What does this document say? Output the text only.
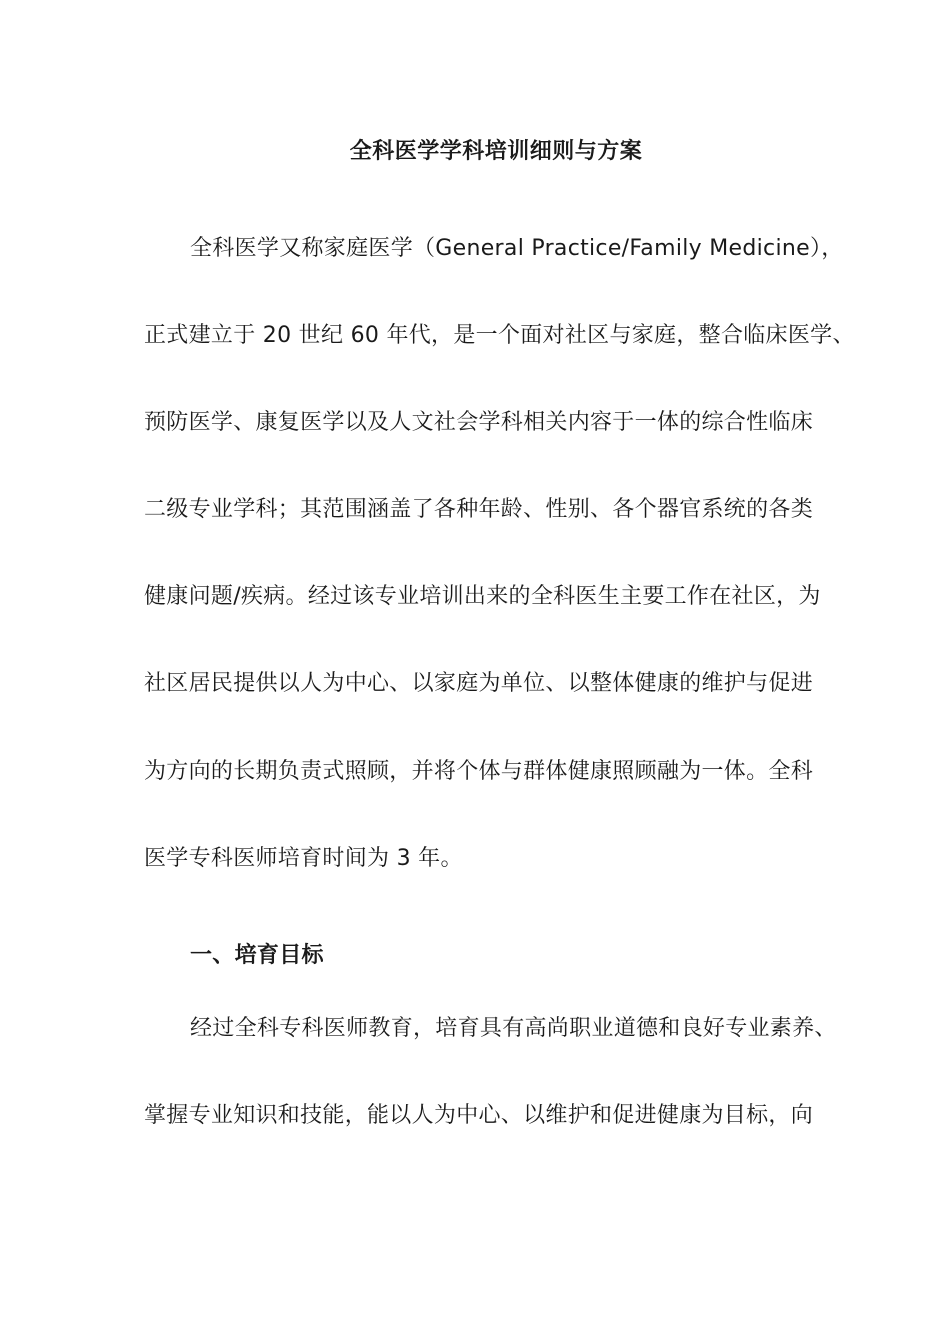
全科医学学科培训细则与方案
全科医学又称家庭医学（General Practice/Family Medicine），
正式建立于 20 世纪 60 年代，是一个面对社区与家庭，整合临床医学、
预防医学、康复医学以及人文社会学科相关内容于一体的综合性临床
二级专业学科；其范围涵盖了各种年龄、性别、各个器官系统的各类
健康问题/疾病。经过该专业培训出来的全科医生主要工作在社区，为
社区居民提供以人为中心、以家庭为单位、以整体健康的维护与促进
为方向的长期负责式照顾，并将个体与群体健康照顾融为一体。全科
医学专科医师培育时间为 3 年。
一、培育目标
经过全科专科医师教育，培育具有高尚职业道德和良好专业素养、
掌握专业知识和技能，能以人为中心、以维护和促进健康为目标，向
